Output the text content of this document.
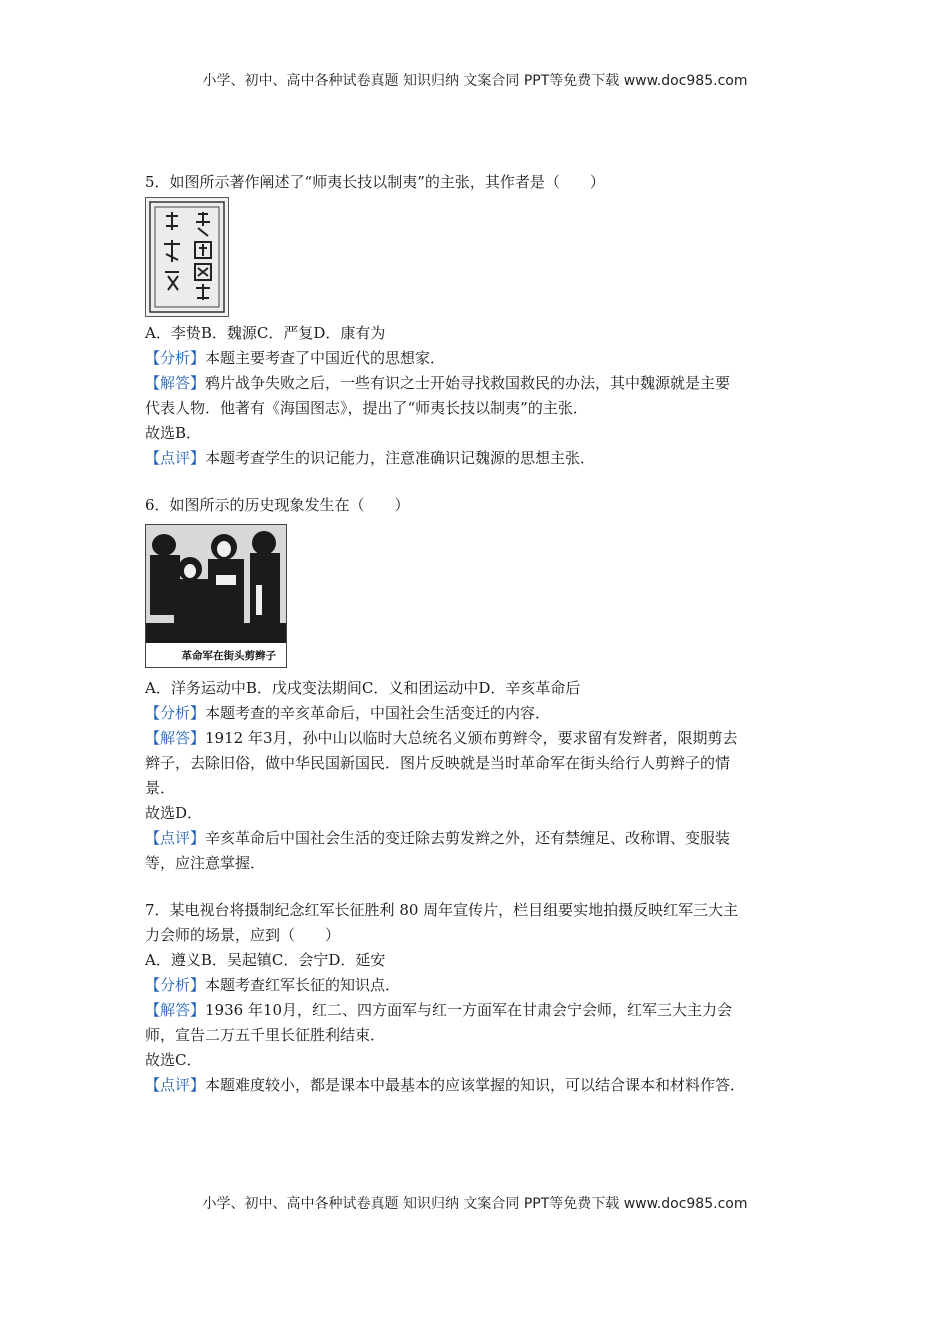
小学、初中、高中各种试卷真题 知识归纳 文案合同 PPT等免费下载 www.doc985.com

5．如图所示著作阐述了“师夷长技以制夷”的主张，其作者是（　　）

A．李贽B．魏源C．严复D．康有为

【分析】本题主要考查了中国近代的思想家．

【解答】鸦片战争失败之后，一些有识之士开始寻找救国救民的办法，其中魏源就是主要

代表人物．他著有《海国图志》，提出了“师夷长技以制夷”的主张．

故选B．

【点评】本题考查学生的识记能力，注意准确识记魏源的思想主张．

6．如图所示的历史现象发生在（　　）

革命军在街头剪辫子

A．洋务运动中B．戊戌变法期间C．义和团运动中D．辛亥革命后

【分析】本题考查的辛亥革命后，中国社会生活变迁的内容．

【解答】1912 年3月，孙中山以临时大总统名义颁布剪辫令，要求留有发辫者，限期剪去

辫子，去除旧俗，做中华民国新国民．图片反映就是当时革命军在街头给行人剪辫子的情

景．

故选D．

【点评】辛亥革命后中国社会生活的变迁除去剪发辫之外，还有禁缠足、改称谓、变服装

等，应注意掌握．

7．某电视台将摄制纪念红军长征胜利 80 周年宣传片，栏目组要实地拍摄反映红军三大主

力会师的场景，应到（　　）

A．遵义B．吴起镇C．会宁D．延安

【分析】本题考查红军长征的知识点．

【解答】1936 年10月，红二、四方面军与红一方面军在甘肃会宁会师，红军三大主力会

师，宣告二万五千里长征胜利结束．

故选C．

【点评】本题难度较小，都是课本中最基本的应该掌握的知识，可以结合课本和材料作答．

小学、初中、高中各种试卷真题 知识归纳 文案合同 PPT等免费下载 www.doc985.com
